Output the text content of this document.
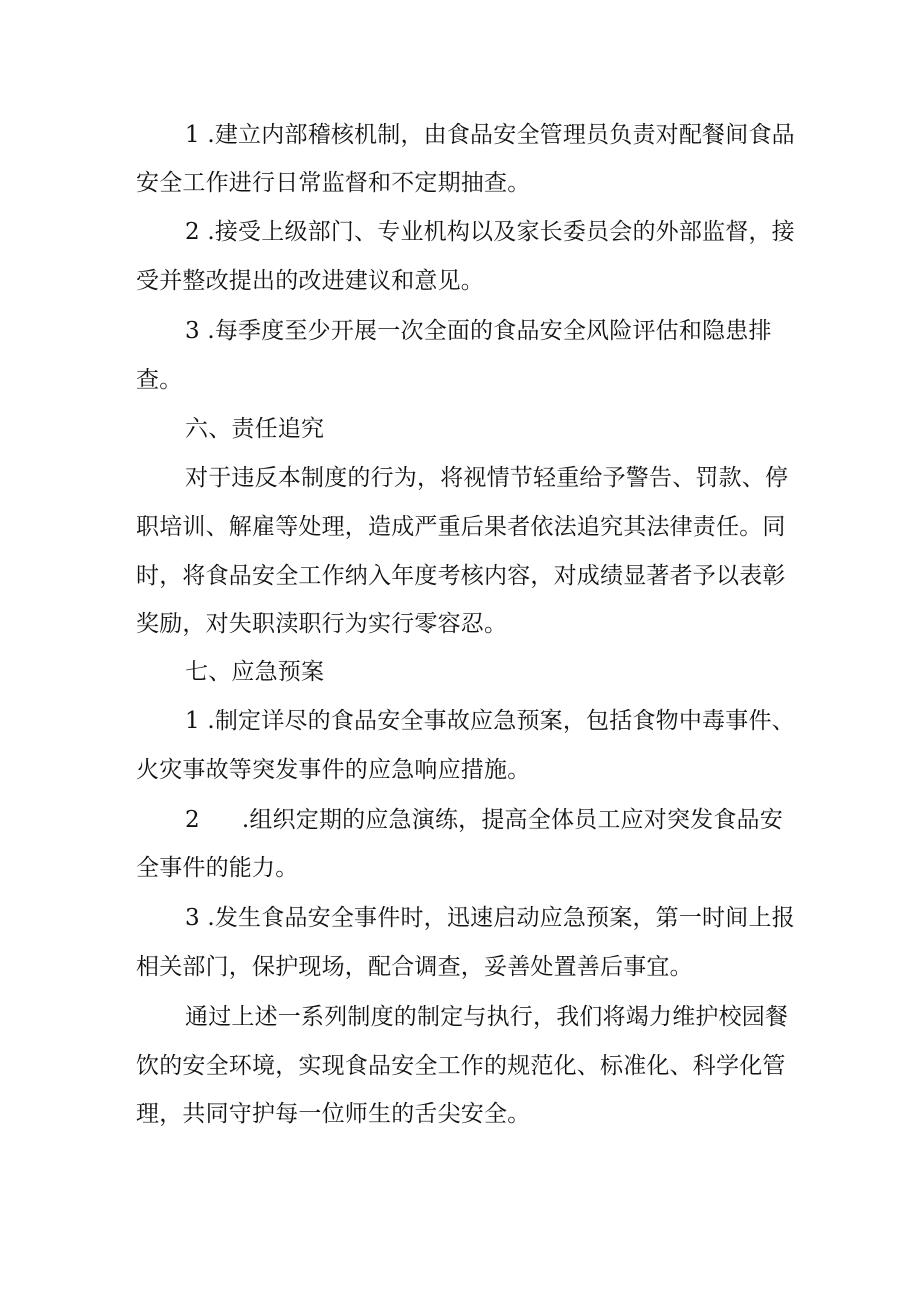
1 .建立内部稽核机制，由食品安全管理员负责对配餐间食品
安全工作进行日常监督和不定期抽查。
2 .接受上级部门、专业机构以及家长委员会的外部监督，接
受并整改提出的改进建议和意见。
3 .每季度至少开展一次全面的食品安全风险评估和隐患排
查。
六、责任追究
对于违反本制度的行为，将视情节轻重给予警告、罚款、停
职培训、解雇等处理，造成严重后果者依法追究其法律责任。同
时，将食品安全工作纳入年度考核内容，对成绩显著者予以表彰
奖励，对失职渎职行为实行零容忍。
七、应急预案
1 .制定详尽的食品安全事故应急预案，包括食物中毒事件、
火灾事故等突发事件的应急响应措施。
2 .组织定期的应急演练，提高全体员工应对突发食品安
全事件的能力。
3 .发生食品安全事件时，迅速启动应急预案，第一时间上报
相关部门，保护现场，配合调查，妥善处置善后事宜。
通过上述一系列制度的制定与执行，我们将竭力维护校园餐
饮的安全环境，实现食品安全工作的规范化、标准化、科学化管
理，共同守护每一位师生的舌尖安全。
